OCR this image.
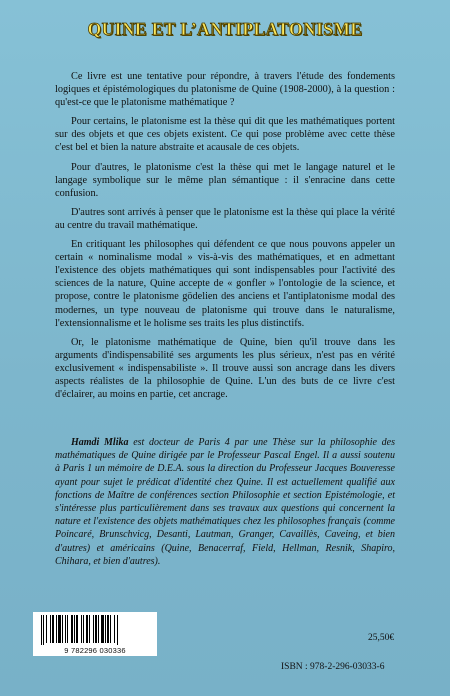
QUINE ET L’ANTIPLATONISME

Ce livre est une tentative pour répondre, à travers l'étude des fondements logiques et épistémologiques du platonisme de Quine (1908-2000), à la question : qu'est-ce que le platonisme mathématique ?

Pour certains, le platonisme est la thèse qui dit que les mathématiques portent sur des objets et que ces objets existent. Ce qui pose problème avec cette thèse c'est bel et bien la nature abstraite et acausale de ces objets.

Pour d'autres, le platonisme c'est la thèse qui met le langage naturel et le langage symbolique sur le même plan sémantique : il s'enracine dans cette confusion.

D'autres sont arrivés à penser que le platonisme est la thèse qui place la vérité au centre du travail mathématique.

En critiquant les philosophes qui défendent ce que nous pouvons appeler un certain « nominalisme modal » vis-à-vis des mathématiques, et en admettant l'existence des objets mathématiques qui sont indispensables pour l'activité des sciences de la nature, Quine accepte de « gonfler » l'ontologie de la science, et propose, contre le platonisme gödelien des anciens et l'antiplatonisme modal des modernes, un type nouveau de platonisme qui trouve dans le naturalisme, l'extensionnalisme et le holisme ses traits les plus distinctifs.

Or, le platonisme mathématique de Quine, bien qu'il trouve dans les arguments d'indispensabilité ses arguments les plus sérieux, n'est pas en vérité exclusivement « indispensabiliste ». Il trouve aussi son ancrage dans les divers aspects réalistes de la philosophie de Quine. L'un des buts de ce livre c'est d'éclairer, au moins en partie, cet ancrage.

Hamdi Mlika est docteur de Paris 4 par une Thèse sur la philosophie des mathématiques de Quine dirigée par le Professeur Pascal Engel. Il a aussi soutenu à Paris 1 un mémoire de D.E.A. sous la direction du Professeur Jacques Bouveresse ayant pour sujet le prédicat d'identité chez Quine. Il est actuellement qualifié aux fonctions de Maître de conférences section Philosophie et section Epistémologie, et s'intéresse plus particulièrement dans ses travaux aux questions qui concernent la nature et l'existence des objets mathématiques chez les philosophes français (comme Poincaré, Brunschvicg, Desanti, Lautman, Granger, Cavaillès, Caveing, et bien d'autres) et américains (Quine, Benacerraf, Field, Hellman, Resnik, Shapiro, Chihara, et bien d'autres).

9 782296 030336
25,50€
ISBN : 978-2-296-03033-6
